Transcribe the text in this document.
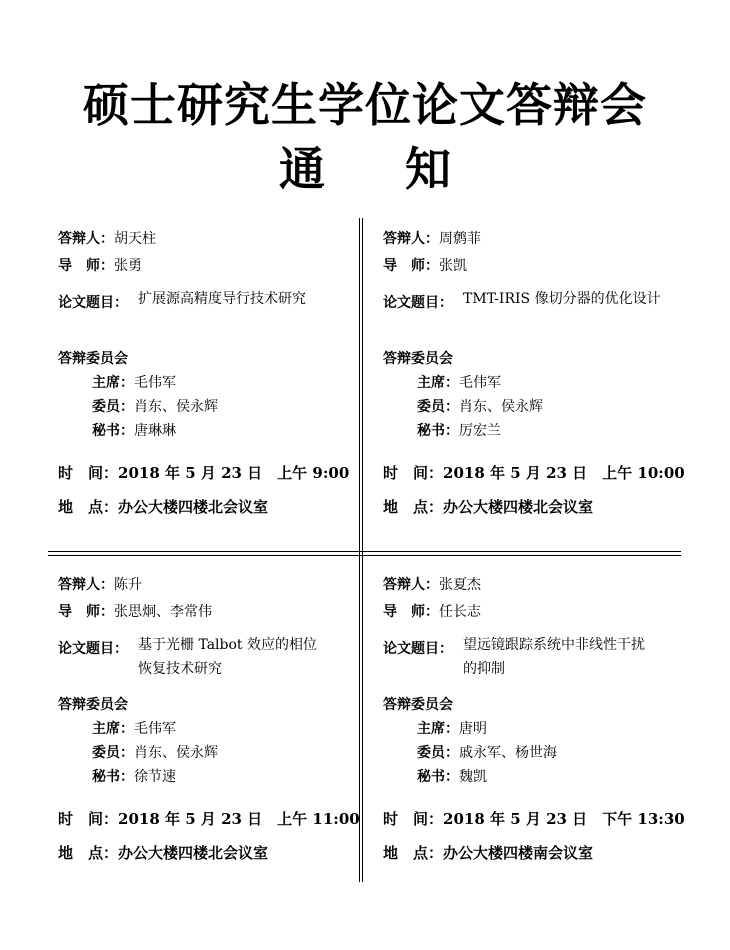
硕士研究生学位论文答辩会
通 知
答辩人：胡天柱
导　师：张勇
论文题目： 扩展源高精度导行技术研究
答辩委员会
主席：毛伟军
委员：肖东、侯永辉
秘书：唐琳琳
时　间：2018 年 5 月 23 日　上午 9:00
地　点：办公大楼四楼北会议室
答辩人：周鹩菲
导　师：张凯
论文题目： TMT-IRIS 像切分器的优化设计
答辩委员会
主席：毛伟军
委员：肖东、侯永辉
秘书：厉宏兰
时　间：2018 年 5 月 23 日　上午 10:00
地　点：办公大楼四楼北会议室
答辩人：陈升
导　师：张思炯、李常伟
论文题目： 基于光栅 Talbot 效应的相位
恢复技术研究
答辩委员会
主席：毛伟军
委员：肖东、侯永辉
秘书：徐节速
时　间：2018 年 5 月 23 日　上午 11:00
地　点：办公大楼四楼北会议室
答辩人：张夏杰
导　师：任长志
论文题目： 望远镜跟踪系统中非线性干扰
的抑制
答辩委员会
主席：唐明
委员：戚永军、杨世海
秘书：魏凯
时　间：2018 年 5 月 23 日　下午 13:30
地　点：办公大楼四楼南会议室
